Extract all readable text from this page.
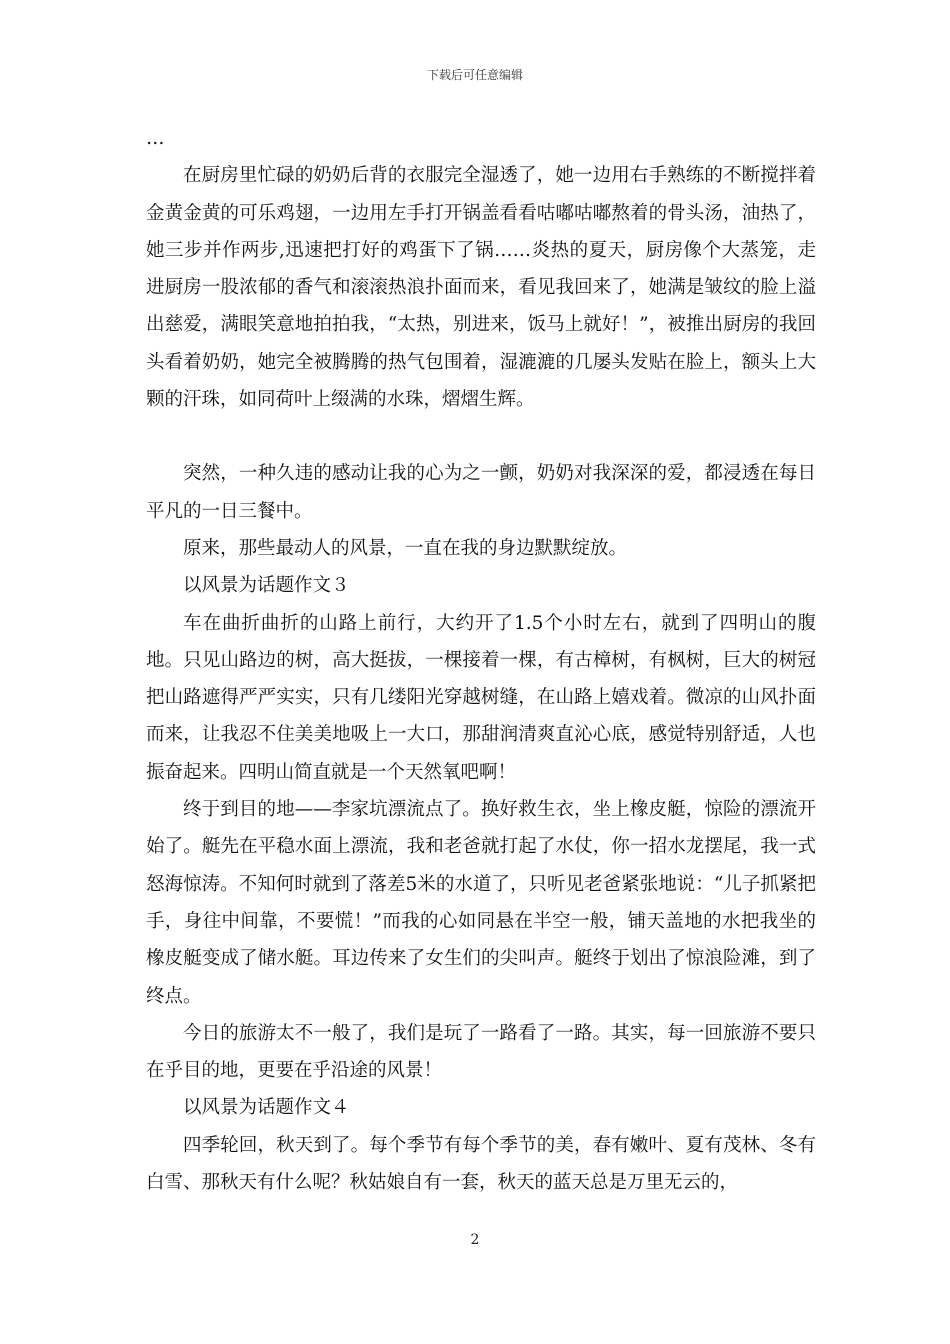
下载后可任意编辑

…

在厨房里忙碌的奶奶后背的衣服完全湿透了，她一边用右手熟练的不断搅拌着金黄金黄的可乐鸡翅，一边用左手打开锅盖看看咕嘟咕嘟熬着的骨头汤，油热了，她三步并作两步,迅速把打好的鸡蛋下了锅……炎热的夏天，厨房像个大蒸笼，走进厨房一股浓郁的香气和滚滚热浪扑面而来，看见我回来了，她满是皱纹的脸上溢出慈爱，满眼笑意地拍拍我，“太热，别进来，饭马上就好！”，被推出厨房的我回头看着奶奶，她完全被腾腾的热气包围着，湿漉漉的几屡头发贴在脸上，额头上大颗的汗珠，如同荷叶上缀满的水珠，熠熠生辉。

突然，一种久违的感动让我的心为之一颤，奶奶对我深深的爱，都浸透在每日平凡的一日三餐中。

原来，那些最动人的风景，一直在我的身边默默绽放。

以风景为话题作文３

车在曲折曲折的山路上前行，大约开了1.5个小时左右，就到了四明山的腹地。只见山路边的树，高大挺拔，一棵接着一棵，有古樟树，有枫树，巨大的树冠把山路遮得严严实实，只有几缕阳光穿越树缝，在山路上嬉戏着。微凉的山风扑面而来，让我忍不住美美地吸上一大口，那甜润清爽直沁心底，感觉特别舒适，人也振奋起来。四明山简直就是一个天然氧吧啊！

终于到目的地——李家坑漂流点了。换好救生衣，坐上橡皮艇，惊险的漂流开始了。艇先在平稳水面上漂流，我和老爸就打起了水仗，你一招水龙摆尾，我一式怒海惊涛。不知何时就到了落差5米的水道了，只听见老爸紧张地说：“儿子抓紧把手，身往中间靠，不要慌！”而我的心如同悬在半空一般，铺天盖地的水把我坐的橡皮艇变成了储水艇。耳边传来了女生们的尖叫声。艇终于划出了惊浪险滩，到了终点。

今日的旅游太不一般了，我们是玩了一路看了一路。其实，每一回旅游不要只在乎目的地，更要在乎沿途的风景！

以风景为话题作文４

四季轮回，秋天到了。每个季节有每个季节的美，春有嫩叶、夏有茂林、冬有白雪、那秋天有什么呢？秋姑娘自有一套，秋天的蓝天总是万里无云的，

2
